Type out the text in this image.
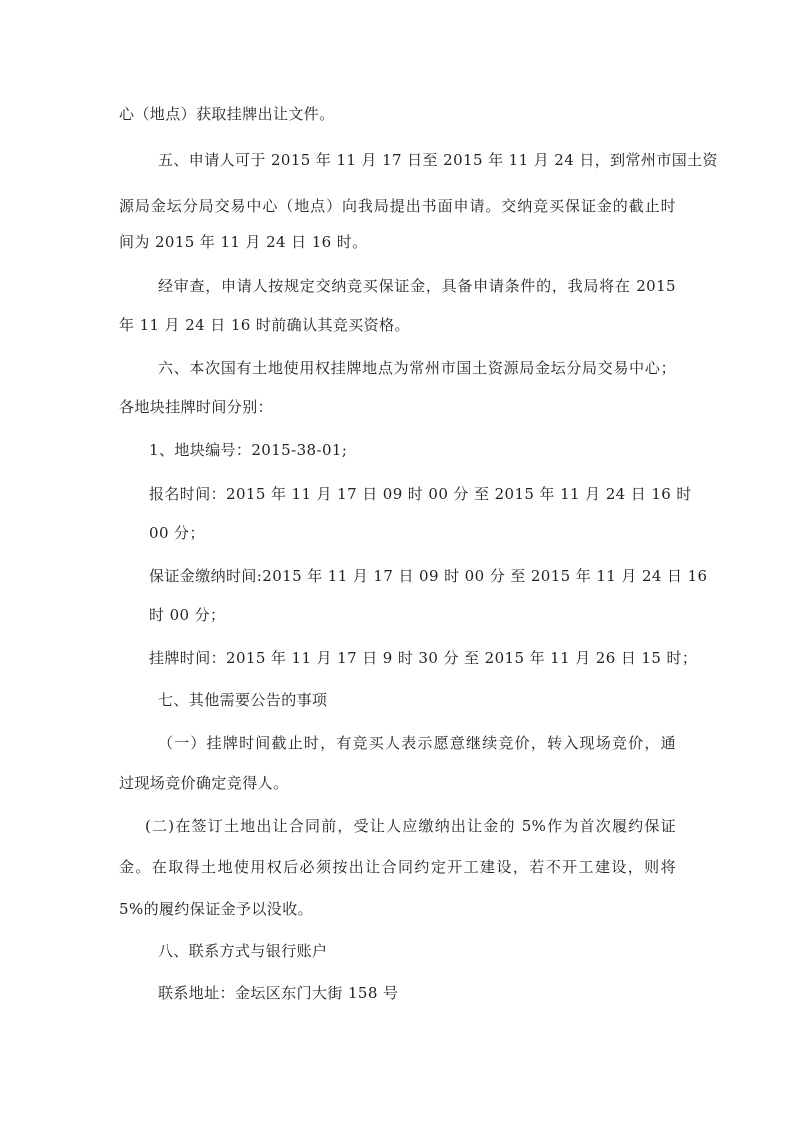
心（地点）获取挂牌出让文件。
五、申请人可于 2015 年 11 月 17 日至 2015 年 11 月 24 日，到常州市国土资
源局金坛分局交易中心（地点）向我局提出书面申请。交纳竞买保证金的截止时
间为 2015 年 11 月 24 日 16 时。
经审查，申请人按规定交纳竞买保证金，具备申请条件的，我局将在 2015
年 11 月 24 日 16 时前确认其竞买资格。
六、本次国有土地使用权挂牌地点为常州市国土资源局金坛分局交易中心；
各地块挂牌时间分别：
1、地块编号：2015-38-01;
报名时间：2015 年 11 月 17 日 09 时 00 分 至 2015 年 11 月 24 日 16 时
00 分；
保证金缴纳时间:2015 年 11 月 17 日 09 时 00 分 至 2015 年 11 月 24 日 16
时 00 分；
挂牌时间：2015 年 11 月 17 日 9 时 30 分 至 2015 年 11 月 26 日 15 时；
七、其他需要公告的事项
（一）挂牌时间截止时，有竞买人表示愿意继续竞价，转入现场竞价，通
过现场竞价确定竞得人。
(二)在签订土地出让合同前，受让人应缴纳出让金的 5%作为首次履约保证
金。在取得土地使用权后必须按出让合同约定开工建设，若不开工建设，则将
5%的履约保证金予以没收。
八、联系方式与银行账户
联系地址：金坛区东门大街 158 号
